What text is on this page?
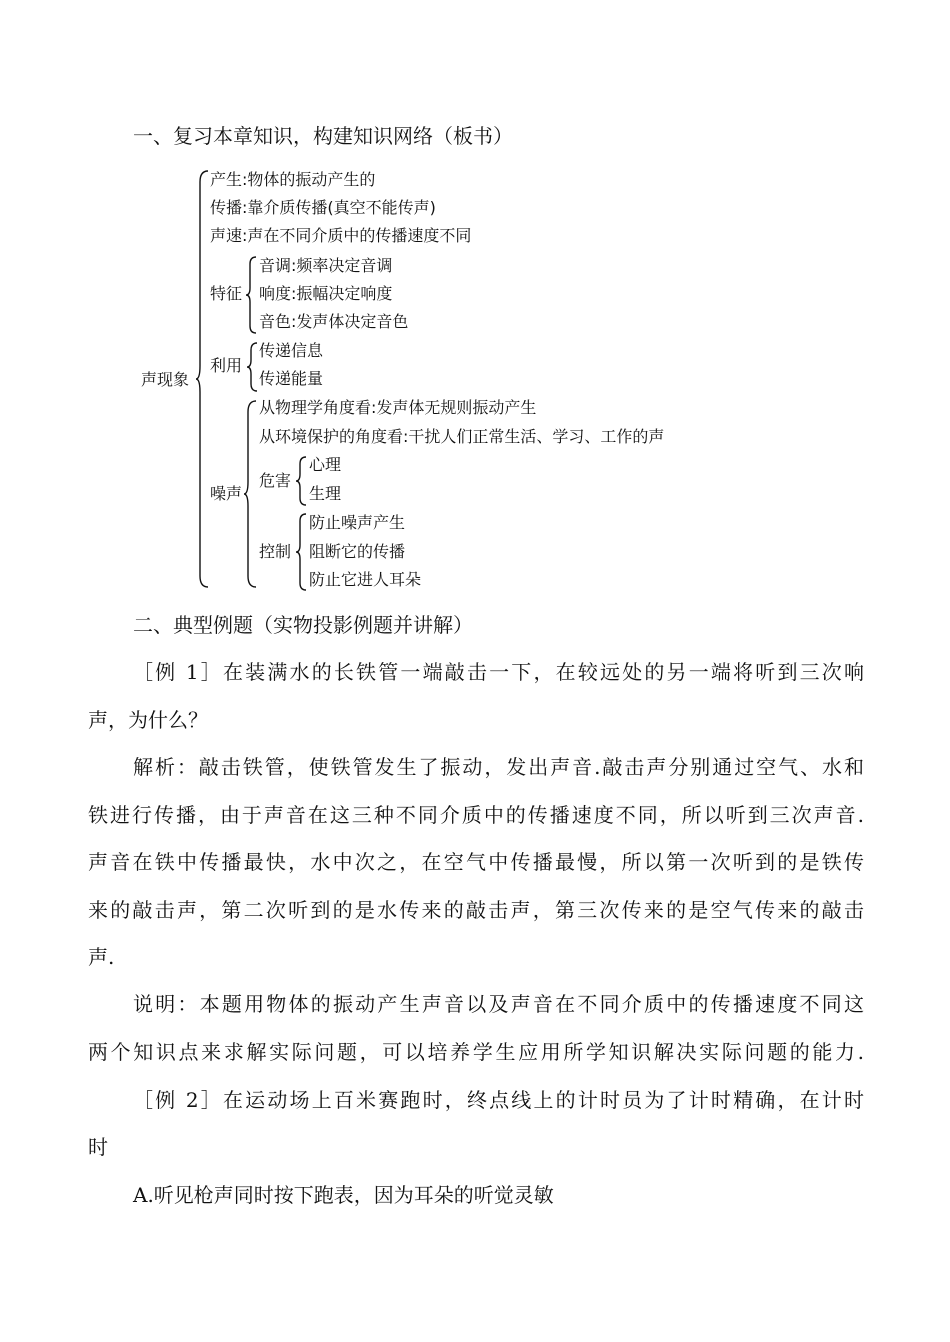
一、复习本章知识，构建知识网络（板书）
声现象
产生:物体的振动产生的
传播:靠介质传播(真空不能传声)
声速:声在不同介质中的传播速度不同
特征
音调:频率决定音调
响度:振幅决定响度
音色:发声体决定音色
利用
传递信息
传递能量
噪声
从物理学角度看:发声体无规则振动产生
从环境保护的角度看:干扰人们正常生活、学习、工作的声
危害
心理
生理
控制
防止噪声产生
阻断它的传播
防止它进人耳朵
二、典型例题（实物投影例题并讲解）
［例 1］在装满水的长铁管一端敲击一下，在较远处的另一端将听到三次响
声，为什么？
解析：敲击铁管，使铁管发生了振动，发出声音.敲击声分别通过空气、水和
铁进行传播，由于声音在这三种不同介质中的传播速度不同，所以听到三次声音.
声音在铁中传播最快，水中次之，在空气中传播最慢，所以第一次听到的是铁传
来的敲击声，第二次听到的是水传来的敲击声，第三次传来的是空气传来的敲击
声.
说明：本题用物体的振动产生声音以及声音在不同介质中的传播速度不同这
两个知识点来求解实际问题，可以培养学生应用所学知识解决实际问题的能力.
［例 2］在运动场上百米赛跑时，终点线上的计时员为了计时精确，在计时
时
A.听见枪声同时按下跑表，因为耳朵的听觉灵敏
